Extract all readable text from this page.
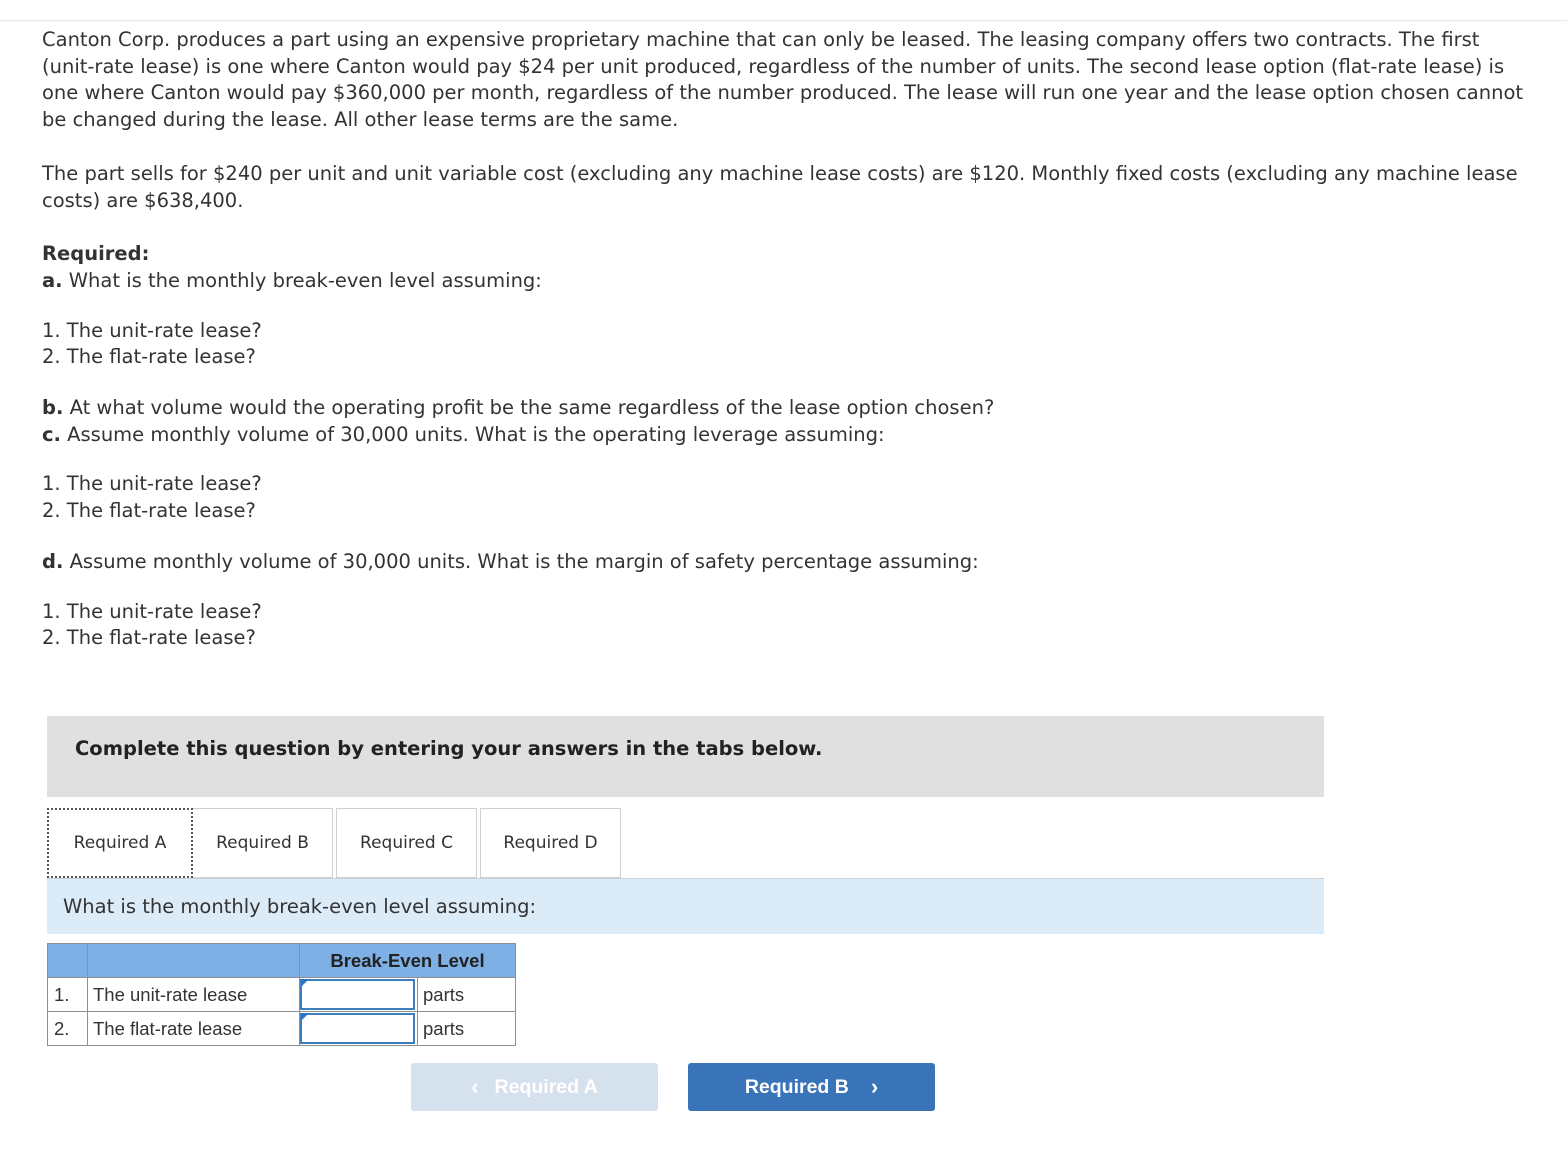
Canton Corp. produces a part using an expensive proprietary machine that can only be leased. The leasing company offers two contracts. The first (unit-rate lease) is one where Canton would pay $24 per unit produced, regardless of the number of units. The second lease option (flat-rate lease) is one where Canton would pay $360,000 per month, regardless of the number produced. The lease will run one year and the lease option chosen cannot be changed during the lease. All other lease terms are the same.

The part sells for $240 per unit and unit variable cost (excluding any machine lease costs) are $120. Monthly fixed costs (excluding any machine lease costs) are $638,400.

Required:

a. What is the monthly break-even level assuming:

1. The unit-rate lease?

2. The flat-rate lease?

b. At what volume would the operating profit be the same regardless of the lease option chosen?

c. Assume monthly volume of 30,000 units. What is the operating leverage assuming:

1. The unit-rate lease?

2. The flat-rate lease?

d. Assume monthly volume of 30,000 units. What is the margin of safety percentage assuming:

1. The unit-rate lease?

2. The flat-rate lease?

Complete this question by entering your answers in the tabs below.
Required A	Required B	Required C	Required D
What is the monthly break-even level assuming:
		Break-Even Level	
1.	The unit-rate lease		parts
2.	The flat-rate lease		parts
‹ Required A	Required B ›
